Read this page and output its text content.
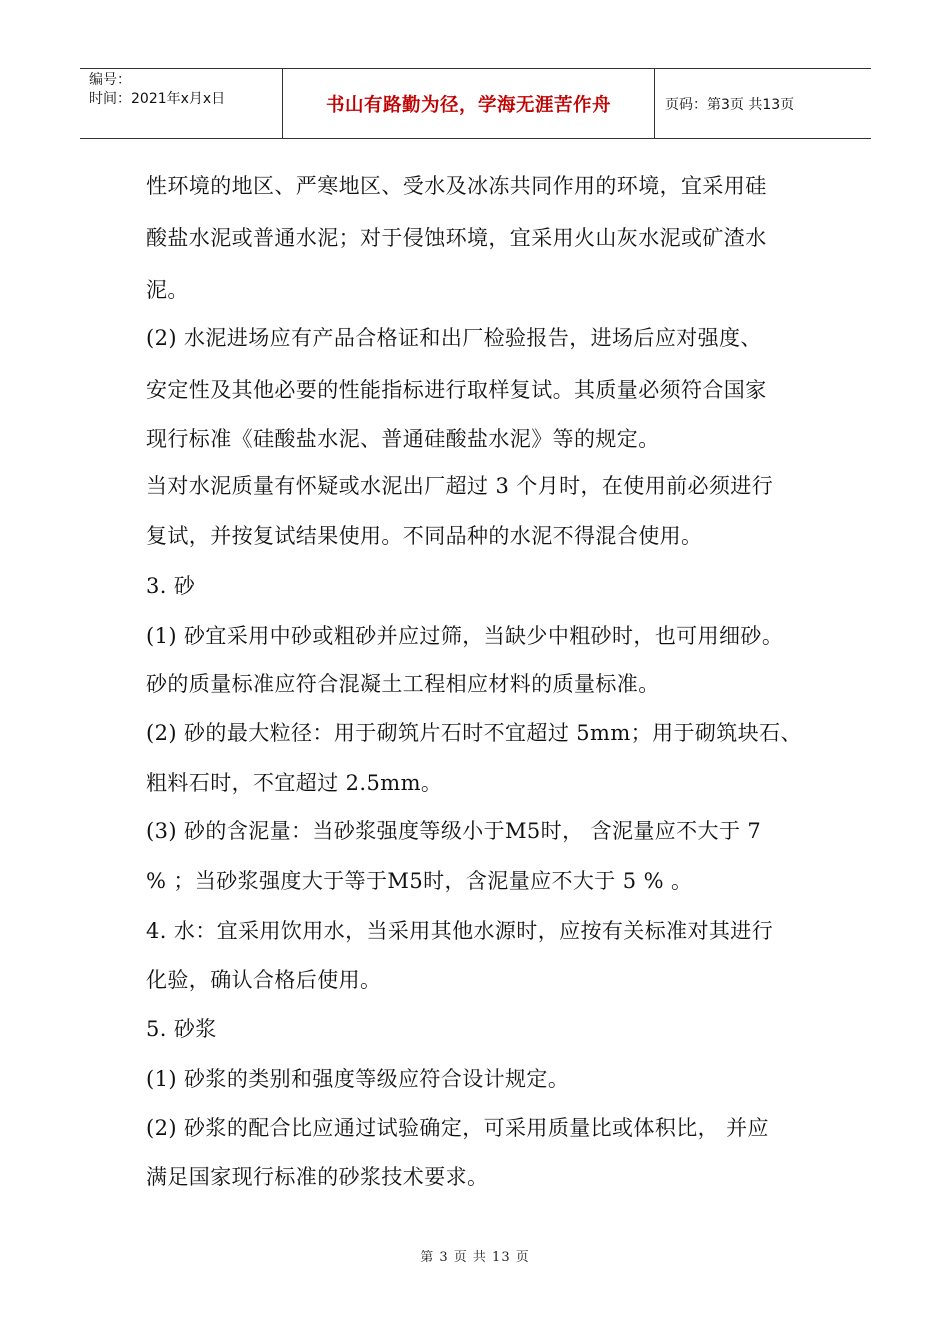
编号：
时间：2021年x月x日	书山有路勤为径，学海无涯苦作舟	页码：第3页 共13页
性环境的地区、严寒地区、受水及冰冻共同作用的环境，宜采用硅
酸盐水泥或普通水泥；对于侵蚀环境，宜采用火山灰水泥或矿渣水
泥。
(2) 水泥进场应有产品合格证和出厂检验报告，进场后应对强度、
安定性及其他必要的性能指标进行取样复试。其质量必须符合国家
现行标准《硅酸盐水泥、普通硅酸盐水泥》等的规定。
当对水泥质量有怀疑或水泥出厂超过 3 个月时，在使用前必须进行
复试，并按复试结果使用。不同品种的水泥不得混合使用。
3. 砂
(1) 砂宜采用中砂或粗砂并应过筛，当缺少中粗砂时，也可用细砂。
砂的质量标准应符合混凝土工程相应材料的质量标准。
(2) 砂的最大粒径：用于砌筑片石时不宜超过 5mm；用于砌筑块石、
粗料石时，不宜超过 2.5mm。
(3) 砂的含泥量：当砂浆强度等级小于M5时， 含泥量应不大于 7
% ；当砂浆强度大于等于M5时，含泥量应不大于 5 % 。
4. 水：宜采用饮用水，当采用其他水源时，应按有关标准对其进行
化验，确认合格后使用。
5. 砂浆
(1) 砂浆的类别和强度等级应符合设计规定。
(2) 砂浆的配合比应通过试验确定，可采用质量比或体积比， 并应
满足国家现行标准的砂浆技术要求。
第 3 页 共 13 页
